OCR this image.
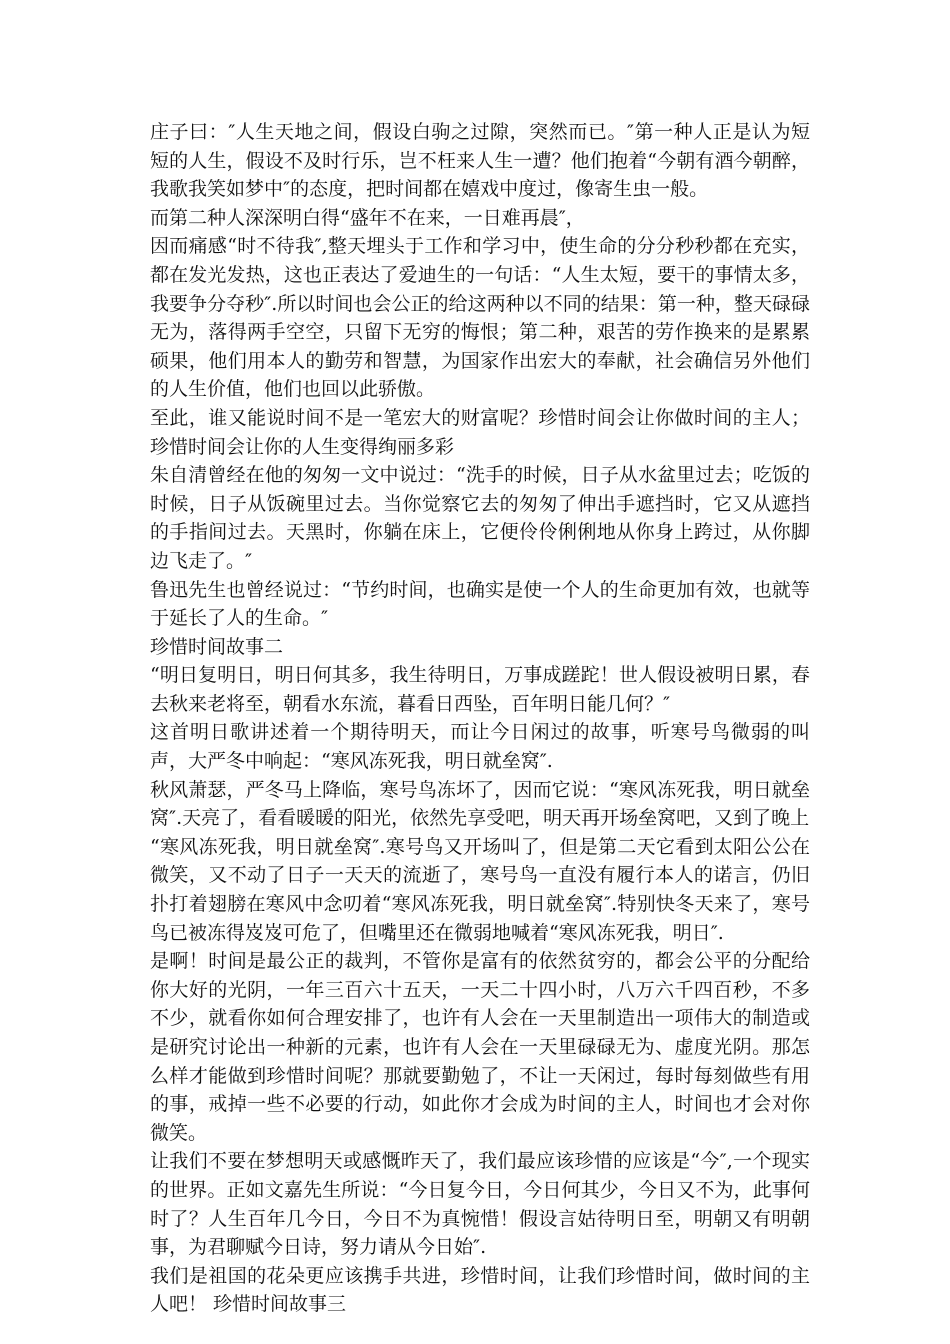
庄子曰：″人生天地之间，假设白驹之过隙，突然而已。″第一种人正是认为短短的人生，假设不及时行乐，岂不枉来人生一遭？他们抱着“今朝有酒今朝醉，我歌我笑如梦中″的态度，把时间都在嬉戏中度过，像寄生虫一般。

而第二种人深深明白得“盛年不在来，一日难再晨″，

因而痛感“时不待我″,整天埋头于工作和学习中，使生命的分分秒秒都在充实，都在发光发热，这也正表达了爱迪生的一句话：“人生太短，要干的事情太多，我要争分夺秒″.所以时间也会公正的给这两种以不同的结果：第一种，整天碌碌无为，落得两手空空，只留下无穷的悔恨；第二种，艰苦的劳作换来的是累累硕果，他们用本人的勤劳和智慧，为国家作出宏大的奉献，社会确信另外他们的人生价值，他们也回以此骄傲。

至此，谁又能说时间不是一笔宏大的财富呢？珍惜时间会让你做时间的主人；珍惜时间会让你的人生变得绚丽多彩

朱自清曾经在他的匆匆一文中说过：“洗手的时候，日子从水盆里过去；吃饭的时候，日子从饭碗里过去。当你觉察它去的匆匆了伸出手遮挡时，它又从遮挡的手指间过去。天黑时，你躺在床上，它便伶伶俐俐地从你身上跨过，从你脚边飞走了。″

鲁迅先生也曾经说过：“节约时间，也确实是使一个人的生命更加有效，也就等于延长了人的生命。″

珍惜时间故事二

“明日复明日，明日何其多，我生待明日，万事成蹉跎！世人假设被明日累，春去秋来老将至，朝看水东流，暮看日西坠，百年明日能几何？″

这首明日歌讲述着一个期待明天，而让今日闲过的故事，听寒号鸟微弱的叫声，大严冬中响起：“寒风冻死我，明日就垒窝″.

秋风萧瑟，严冬马上降临，寒号鸟冻坏了，因而它说：“寒风冻死我，明日就垒窝″.天亮了，看看暖暖的阳光，依然先享受吧，明天再开场垒窝吧，又到了晚上

“寒风冻死我，明日就垒窝″.寒号鸟又开场叫了，但是第二天它看到太阳公公在微笑，又不动了日子一天天的流逝了，寒号鸟一直没有履行本人的诺言，仍旧扑打着翅膀在寒风中念叨着“寒风冻死我，明日就垒窝″.特别快冬天来了，寒号鸟已被冻得岌岌可危了，但嘴里还在微弱地喊着“寒风冻死我，明日″.

是啊！时间是最公正的裁判，不管你是富有的依然贫穷的，都会公平的分配给你大好的光阴，一年三百六十五天，一天二十四小时，八万六千四百秒，不多不少，就看你如何合理安排了，也许有人会在一天里制造出一项伟大的制造或是研究讨论出一种新的元素，也许有人会在一天里碌碌无为、虚度光阴。那怎么样才能做到珍惜时间呢？那就要勤勉了，不让一天闲过，每时每刻做些有用的事，戒掉一些不必要的行动，如此你才会成为时间的主人，时间也才会对你微笑。

让我们不要在梦想明天或感慨昨天了，我们最应该珍惜的应该是“今″,一个现实的世界。正如文嘉先生所说：“今日复今日，今日何其少，今日又不为，此事何时了？人生百年几今日，今日不为真惋惜！假设言姑待明日至，明朝又有明朝事，为君聊赋今日诗，努力请从今日始″.

我们是祖国的花朵更应该携手共进，珍惜时间，让我们珍惜时间，做时间的主人吧！ 珍惜时间故事三
